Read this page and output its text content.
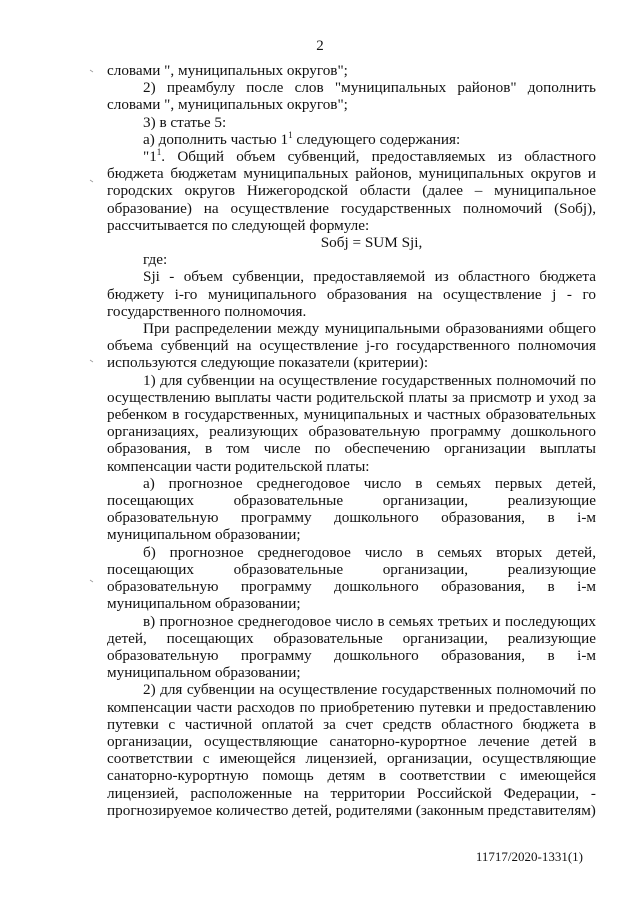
2

словами ", муниципальных округов";

2) преамбулу после слов "муниципальных районов" дополнить словами ", муниципальных округов";

3) в статье 5:

а) дополнить частью $1^1$ следующего содержания:

"$1^1$. Общий объем субвенций, предоставляемых из областного бюджета бюджетам муниципальных районов, муниципальных округов и городских округов Нижегородской области (далее – муниципальное образование) на осуществление государственных полномочий (Sобj), рассчитывается по следующей формуле:

Sобj = SUM Sji,

где:

Sji - объем субвенции, предоставляемой из областного бюджета бюджету i-го муниципального образования на осуществление j - го государственного полномочия.

При распределении между муниципальными образованиями общего объема субвенций на осуществление j-го государственного полномочия используются следующие показатели (критерии):

1) для субвенции на осуществление государственных полномочий по осуществлению выплаты части родительской платы за присмотр и уход за ребенком в государственных, муниципальных и частных образовательных организациях, реализующих образовательную программу дошкольного образования, в том числе по обеспечению организации выплаты компенсации части родительской платы:

а) прогнозное среднегодовое число в семьях первых детей, посещающих образовательные организации, реализующие образовательную программу дошкольного образования, в i-м муниципальном образовании;

б) прогнозное среднегодовое число в семьях вторых детей, посещающих образовательные организации, реализующие образовательную программу дошкольного образования, в i-м муниципальном образовании;

в) прогнозное среднегодовое число в семьях третьих и последующих детей, посещающих образовательные организации, реализующие образовательную программу дошкольного образования, в i-м муниципальном образовании;

2) для субвенции на осуществление государственных полномочий по компенсации части расходов по приобретению путевки и предоставлению путевки с частичной оплатой за счет средств областного бюджета в организации, осуществляющие санаторно-курортное лечение детей в соответствии с имеющейся лицензией, организации, осуществляющие санаторно-курортную помощь детям в соответствии с имеющейся лицензией, расположенные на территории Российской Федерации, - прогнозируемое количество детей, родителями (законным представителям)

11717/2020-1331(1)
